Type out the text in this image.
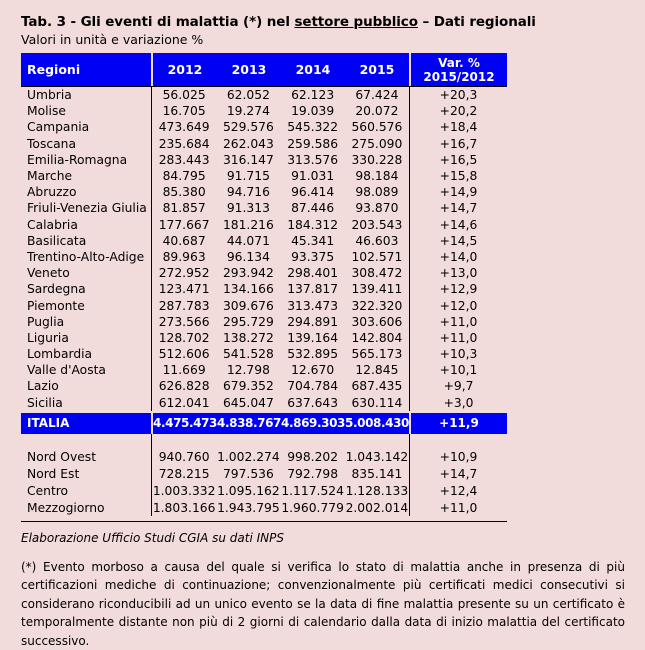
Tab. 3 - Gli eventi di malattia (*) nel settore pubblico – Dati regionali
Valori in unità e variazione %
Regioni	2012	2013	2014	2015	Var. %
2015/2012
Umbria	56.025	62.052	62.123	67.424	+20,3
Molise	16.705	19.274	19.039	20.072	+20,2
Campania	473.649	529.576	545.322	560.576	+18,4
Toscana	235.684	262.043	259.586	275.090	+16,7
Emilia-Romagna	283.443	316.147	313.576	330.228	+16,5
Marche	84.795	91.715	91.031	98.184	+15,8
Abruzzo	85.380	94.716	96.414	98.089	+14,9
Friuli-Venezia Giulia	81.857	91.313	87.446	93.870	+14,7
Calabria	177.667	181.216	184.312	203.543	+14,6
Basilicata	40.687	44.071	45.341	46.603	+14,5
Trentino-Alto-Adige	89.963	96.134	93.375	102.571	+14,0
Veneto	272.952	293.942	298.401	308.472	+13,0
Sardegna	123.471	134.166	137.817	139.411	+12,9
Piemonte	287.783	309.676	313.473	322.320	+12,0
Puglia	273.566	295.729	294.891	303.606	+11,0
Liguria	128.702	138.272	139.164	142.804	+11,0
Lombardia	512.606	541.528	532.895	565.173	+10,3
Valle d'Aosta	11.669	12.798	12.670	12.845	+10,1
Lazio	626.828	679.352	704.784	687.435	+9,7
Sicilia	612.041	645.047	637.643	630.114	+3,0
ITALIA	4.475.473 4.838.767 4.869.303 5.008.430	+11,9
Nord Ovest	940.760 1.002.274 998.202 1.043.142	+10,9
Nord Est	728.215	797.536	792.798	835.141	+14,7
Centro	1.003.332 1.095.162 1.117.524 1.128.133	+12,4
Mezzogiorno	1.803.166 1.943.795 1.960.779 2.002.014	+11,0
Elaborazione Ufficio Studi CGIA su dati INPS
(*) Evento morboso a causa del quale si verifica lo stato di malattia anche in presenza di più certificazioni mediche di continuazione; convenzionalmente più certificati medici consecutivi si considerano riconducibili ad un unico evento se la data di fine malattia presente su un certificato è temporalmente distante non più di 2 giorni di calendario dalla data di inizio malattia del certificato successivo.
